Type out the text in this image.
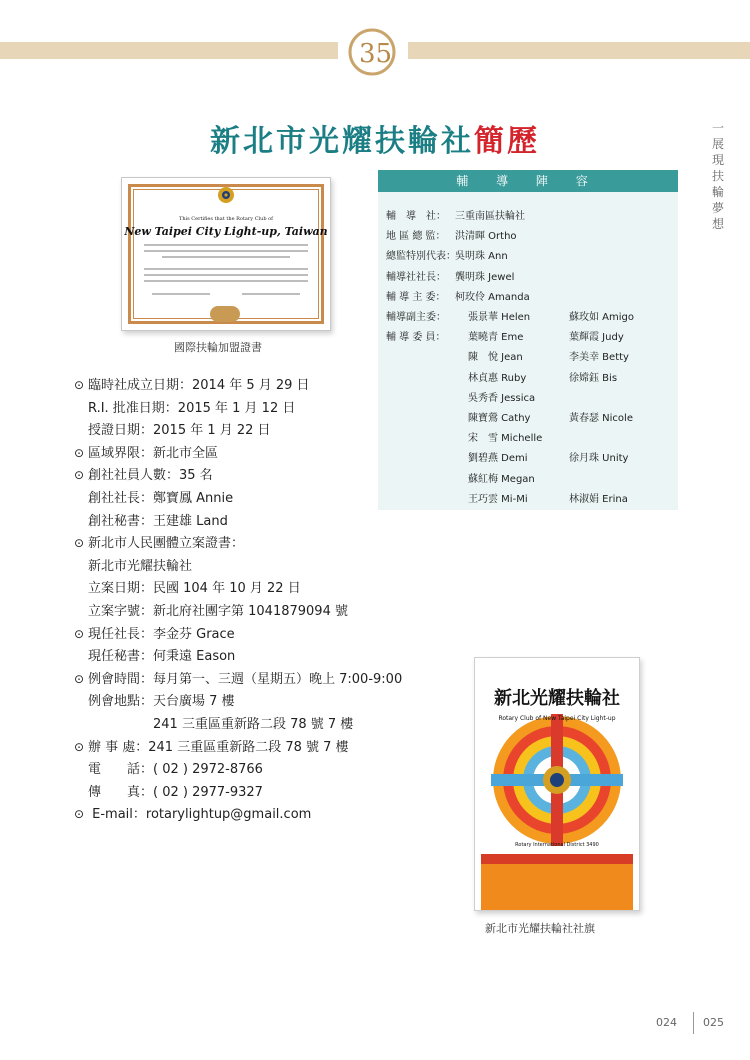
35
一
展
現
扶
輪
夢
想
新北市光耀扶輪社簡歷
This Certifies that the Rotary Club of
New Taipei City Light-up, Taiwan
國際扶輪加盟證書
輔 導 陣 容
輔　導　社： 三重南區扶輪社
地 區 總 監： 洪清暉 Ortho
總監特別代表： 吳明珠 Ann
輔導社社長： 龔明珠 Jewel
輔 導 主 委： 柯玫伶 Amanda
輔導副主委： 張景華 Helen	蘇玫如 Amigo
輔 導 委 員： 葉曉青 Eme	葉輝霞 Judy
陳　悅 Jean	李美幸 Betty
林貞惠 Ruby	徐嫦鈺 Bis
吳秀香 Jessica
陳寶鶯 Cathy	黃春瑟 Nicole
宋　雪 Michelle
劉碧燕 Demi	徐月珠 Unity
蘇紅梅 Megan
王巧雲 Mi-Mi	林淑娟 Erina
⊙ 臨時社成立日期：2014 年 5 月 29 日
R.I. 批准日期：2015 年 1 月 12 日
授證日期：2015 年 1 月 22 日
⊙ 區域界限：新北市全區
⊙ 創社社員人數：35 名
創社社長：鄭寶鳳 Annie
創社秘書：王建雄 Land
⊙ 新北市人民團體立案證書：
新北市光耀扶輪社
立案日期：民國 104 年 10 月 22 日
立案字號：新北府社團字第 1041879094 號
⊙ 現任社長：李金芬 Grace
現任秘書：何秉遠 Eason
⊙ 例會時間：每月第一、三週（星期五）晚上 7:00-9:00
例會地點：天台廣場 7 樓
　　　　　241 三重區重新路二段 78 號 7 樓
⊙ 辦 事 處：241 三重區重新路二段 78 號 7 樓
電　　話：( 02 ) 2972-8766
傳　　真：( 02 ) 2977-9327
⊙ E-mail：rotarylightup@gmail.com
新北光耀扶輪社
Rotary Club of New Taipei City Light-up
Rotary International District 3490
新北市光耀扶輪社社旗
024 025
